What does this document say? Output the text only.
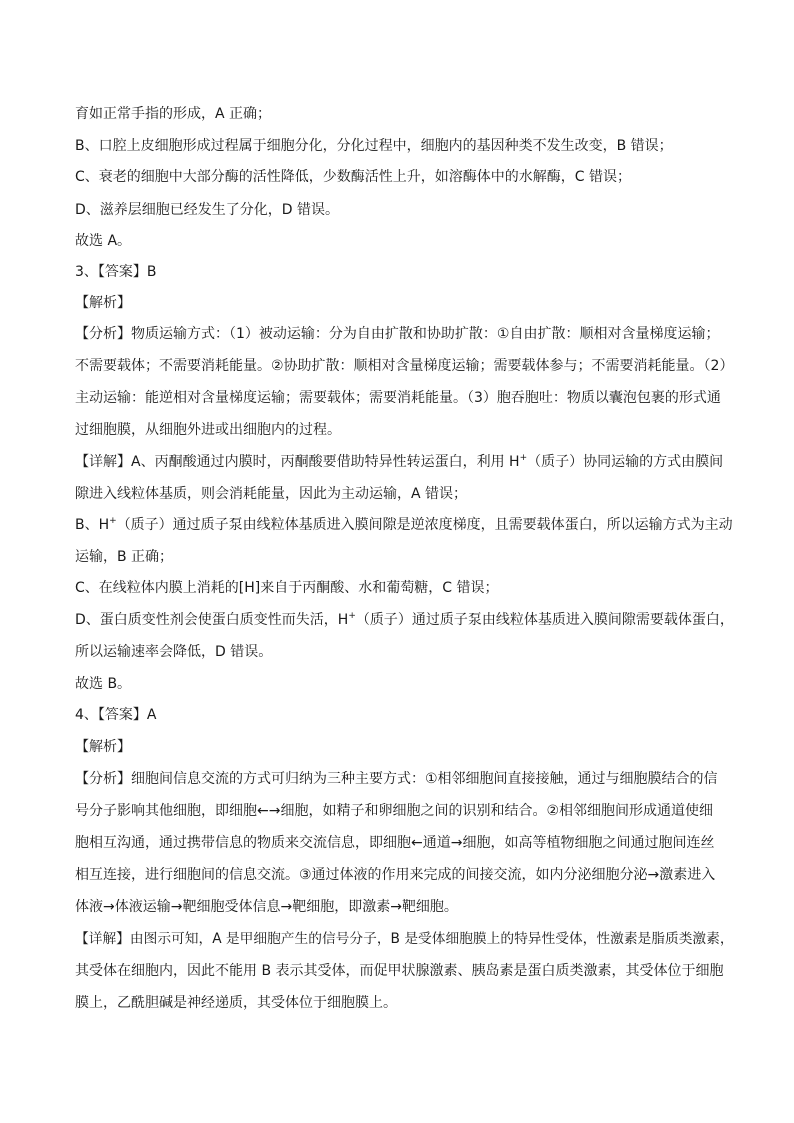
育如正常手指的形成，A 正确；
B、口腔上皮细胞形成过程属于细胞分化，分化过程中，细胞内的基因种类不发生改变，B 错误；
C、衰老的细胞中大部分酶的活性降低，少数酶活性上升，如溶酶体中的水解酶，C 错误；
D、滋养层细胞已经发生了分化，D 错误。
故选 A。
3、【答案】B
【解析】
【分析】物质运输方式：（1）被动运输：分为自由扩散和协助扩散：①自由扩散：顺相对含量梯度运输；
不需要载体；不需要消耗能量。②协助扩散：顺相对含量梯度运输；需要载体参与；不需要消耗能量。（2）
主动运输：能逆相对含量梯度运输；需要载体；需要消耗能量。（3）胞吞胞吐：物质以囊泡包裹的形式通
过细胞膜，从细胞外进或出细胞内的过程。
【详解】A、丙酮酸通过内膜时，丙酮酸要借助特异性转运蛋白，利用 H+（质子）协同运输的方式由膜间
隙进入线粒体基质，则会消耗能量，因此为主动运输，A 错误；
B、H+（质子）通过质子泵由线粒体基质进入膜间隙是逆浓度梯度，且需要载体蛋白，所以运输方式为主动
运输，B 正确；
C、在线粒体内膜上消耗的[H]来自于丙酮酸、水和葡萄糖，C 错误；
D、蛋白质变性剂会使蛋白质变性而失活，H+（质子）通过质子泵由线粒体基质进入膜间隙需要载体蛋白，
所以运输速率会降低，D 错误。
故选 B。
4、【答案】A
【解析】
【分析】细胞间信息交流的方式可归纳为三种主要方式：①相邻细胞间直接接触，通过与细胞膜结合的信
号分子影响其他细胞，即细胞←→细胞，如精子和卵细胞之间的识别和结合。②相邻细胞间形成通道使细
胞相互沟通，通过携带信息的物质来交流信息，即细胞←通道→细胞，如高等植物细胞之间通过胞间连丝
相互连接，进行细胞间的信息交流。③通过体液的作用来完成的间接交流，如内分泌细胞分泌→激素进入
体液→体液运输→靶细胞受体信息→靶细胞，即激素→靶细胞。
【详解】由图示可知，A 是甲细胞产生的信号分子，B 是受体细胞膜上的特异性受体，性激素是脂质类激素，
其受体在细胞内，因此不能用 B 表示其受体，而促甲状腺激素、胰岛素是蛋白质类激素，其受体位于细胞
膜上，乙酰胆碱是神经递质，其受体位于细胞膜上。
